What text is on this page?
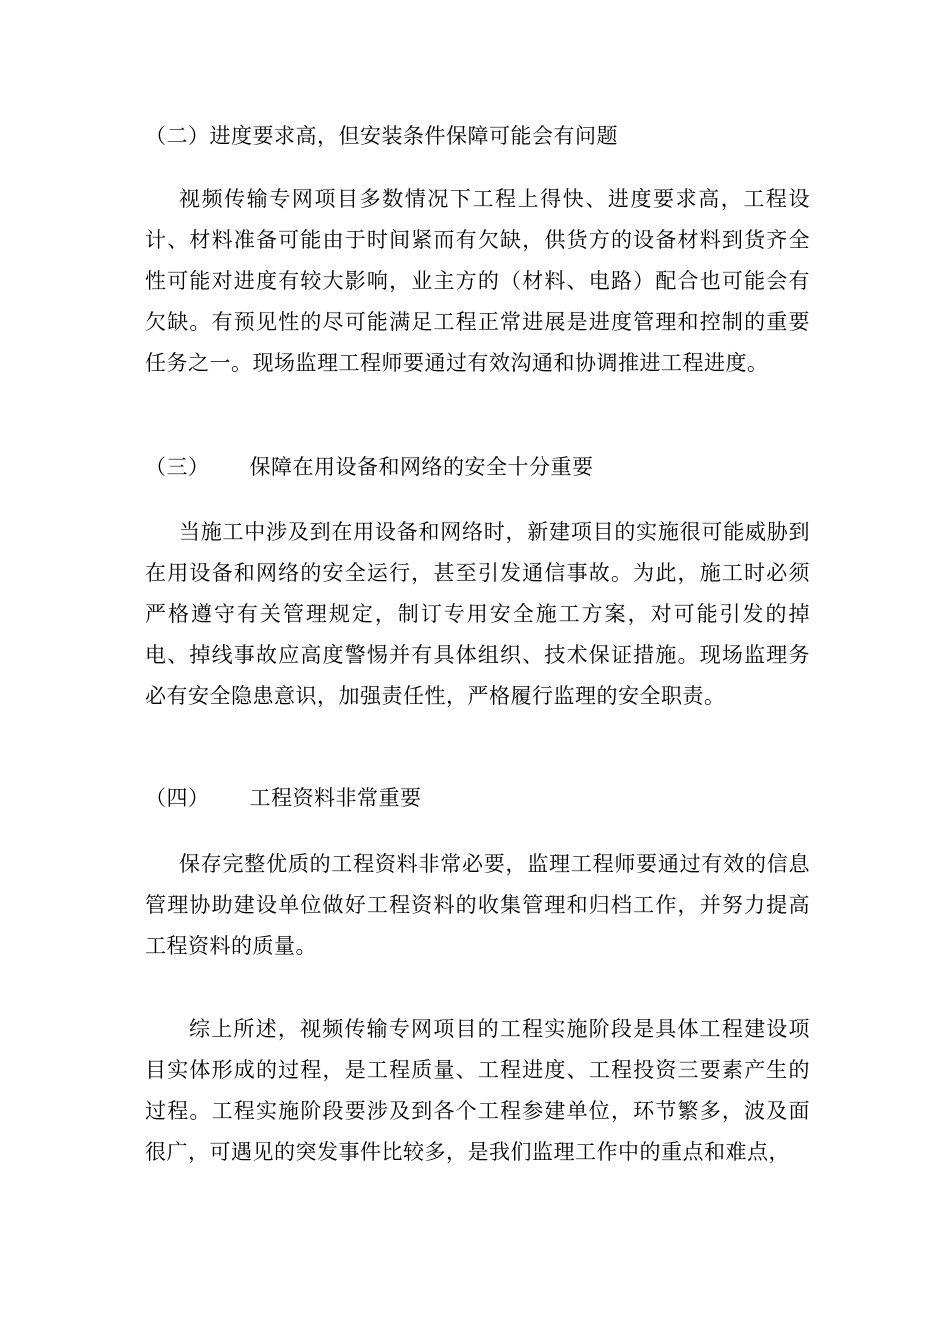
（二）进度要求高，但安装条件保障可能会有问题

视频传输专网项目多数情况下工程上得快、进度要求高，工程设计、材料准备可能由于时间紧而有欠缺，供货方的设备材料到货齐全性可能对进度有较大影响，业主方的（材料、电路）配合也可能会有欠缺。有预见性的尽可能满足工程正常进展是进度管理和控制的重要任务之一。现场监理工程师要通过有效沟通和协调推进工程进度。

（三） 保障在用设备和网络的安全十分重要

当施工中涉及到在用设备和网络时，新建项目的实施很可能威胁到在用设备和网络的安全运行，甚至引发通信事故。为此，施工时必须严格遵守有关管理规定，制订专用安全施工方案，对可能引发的掉电、掉线事故应高度警惕并有具体组织、技术保证措施。现场监理务必有安全隐患意识，加强责任性，严格履行监理的安全职责。

（四） 工程资料非常重要

保存完整优质的工程资料非常必要，监理工程师要通过有效的信息管理协助建设单位做好工程资料的收集管理和归档工作，并努力提高工程资料的质量。

综上所述，视频传输专网项目的工程实施阶段是具体工程建设项目实体形成的过程，是工程质量、工程进度、工程投资三要素产生的过程。工程实施阶段要涉及到各个工程参建单位，环节繁多，波及面很广，可遇见的突发事件比较多，是我们监理工作中的重点和难点，
